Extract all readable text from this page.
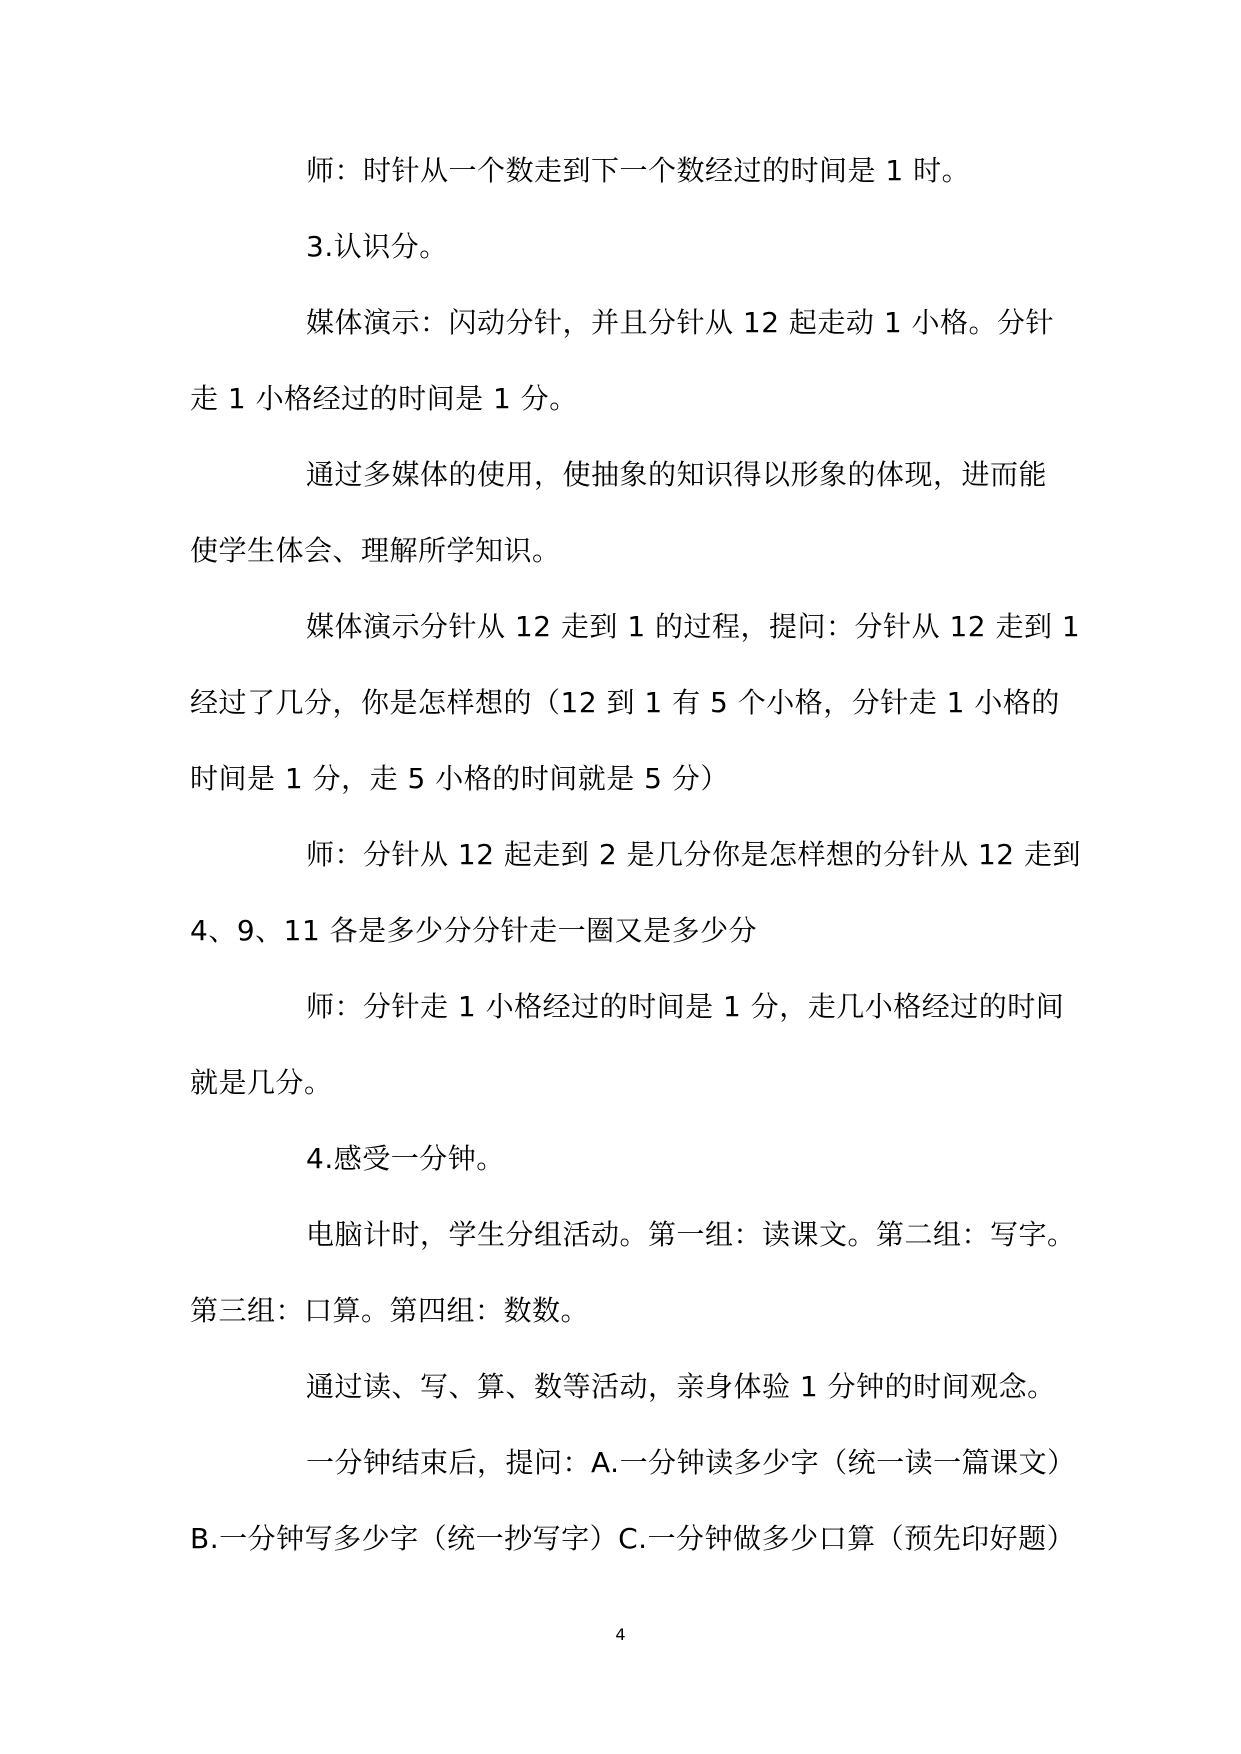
师：时针从一个数走到下一个数经过的时间是 1 时。
3.认识分。
媒体演示：闪动分针，并且分针从 12 起走动 1 小格。分针
走 1 小格经过的时间是 1 分。
通过多媒体的使用，使抽象的知识得以形象的体现，进而能
使学生体会、理解所学知识。
媒体演示分针从 12 走到 1 的过程，提问：分针从 12 走到 1
经过了几分，你是怎样想的（12 到 1 有 5 个小格，分针走 1 小格的
时间是 1 分，走 5 小格的时间就是 5 分）
师：分针从 12 起走到 2 是几分你是怎样想的分针从 12 走到
4、9、11 各是多少分分针走一圈又是多少分
师：分针走 1 小格经过的时间是 1 分，走几小格经过的时间
就是几分。
4.感受一分钟。
电脑计时，学生分组活动。第一组：读课文。第二组：写字。
第三组：口算。第四组：数数。
通过读、写、算、数等活动，亲身体验 1 分钟的时间观念。
一分钟结束后，提问：A.一分钟读多少字（统一读一篇课文）
B.一分钟写多少字（统一抄写字）C.一分钟做多少口算（预先印好题）
4
